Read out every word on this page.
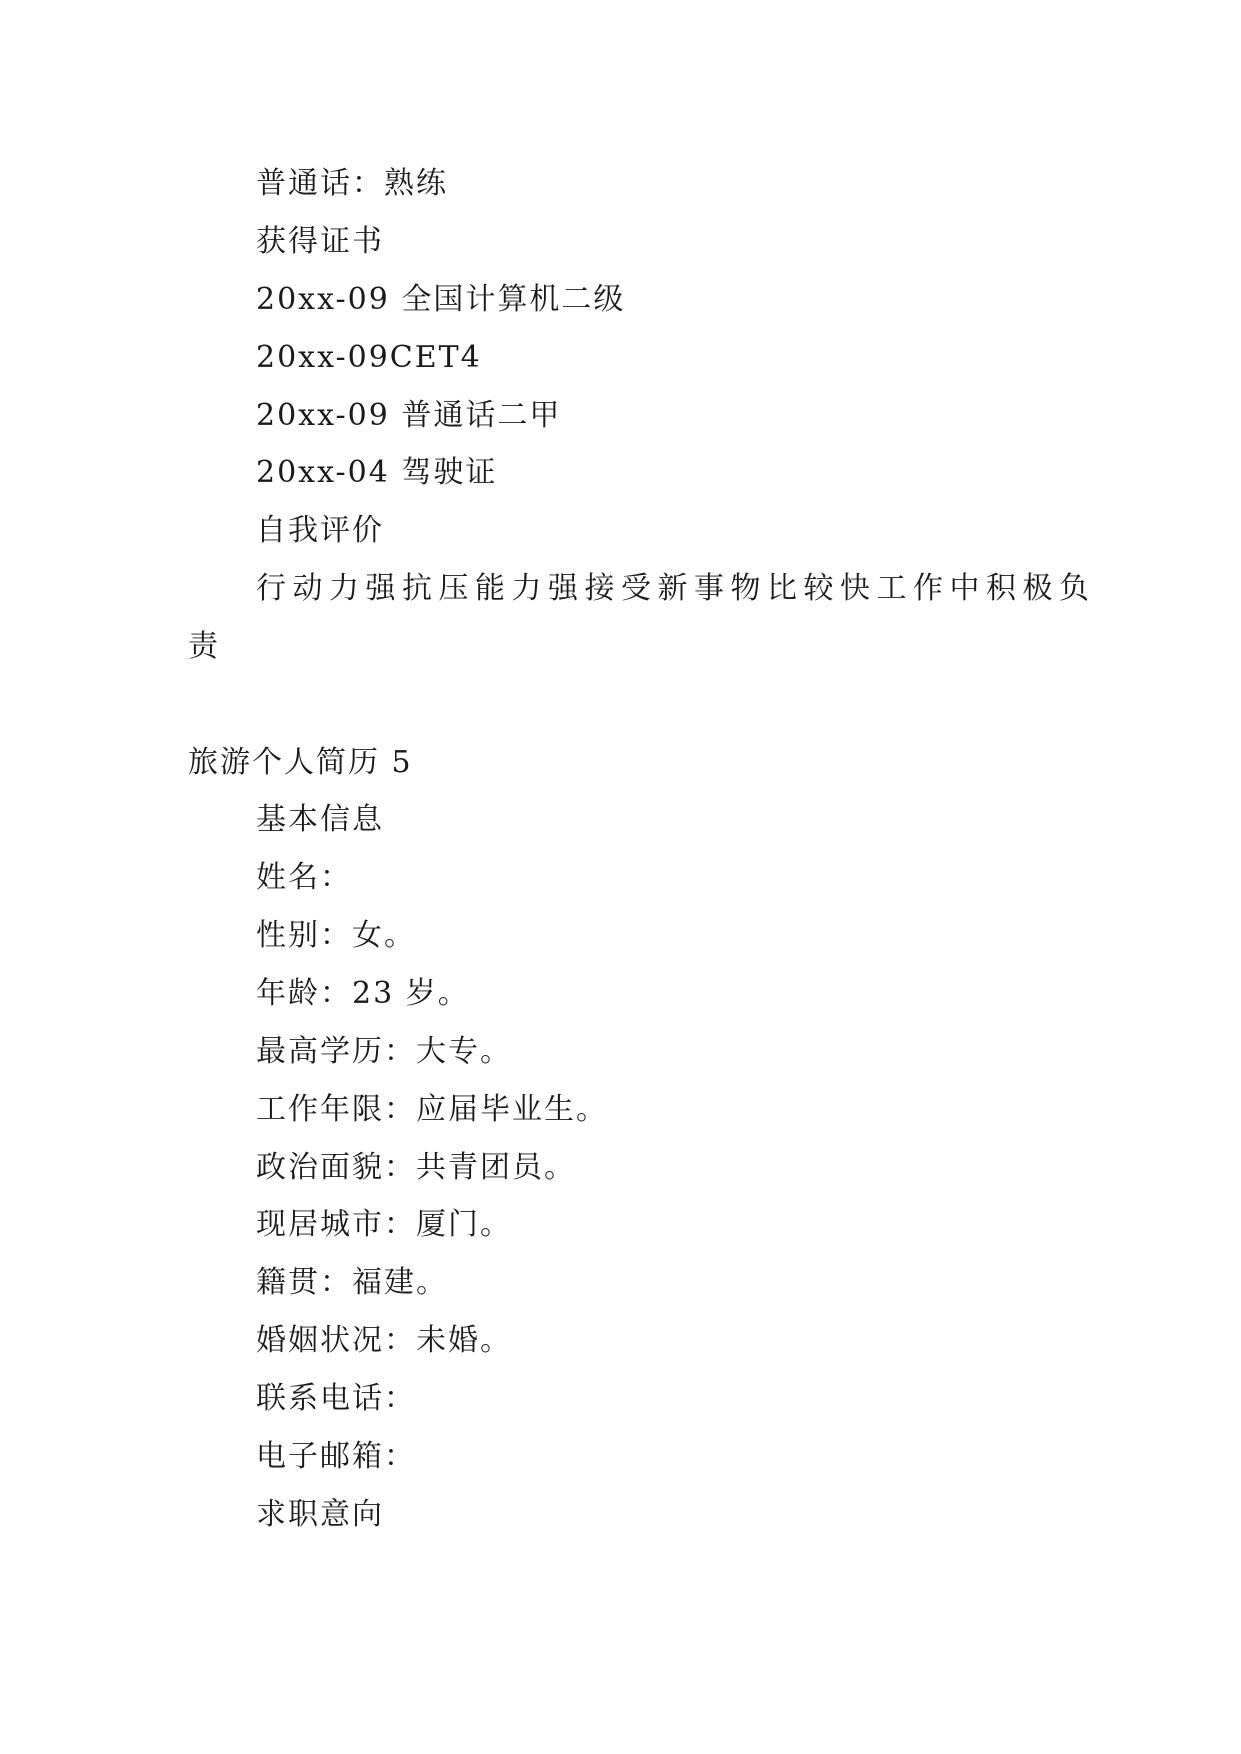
普通话：熟练
获得证书
20xx-09 全国计算机二级
20xx-09CET4
20xx-09 普通话二甲
20xx-04 驾驶证
自我评价
行动力强抗压能力强接受新事物比较快工作中积极负
责
旅游个人简历 5
基本信息
姓名：
性别：女。
年龄：23 岁。
最高学历：大专。
工作年限：应届毕业生。
政治面貌：共青团员。
现居城市：厦门。
籍贯：福建。
婚姻状况：未婚。
联系电话：
电子邮箱：
求职意向
